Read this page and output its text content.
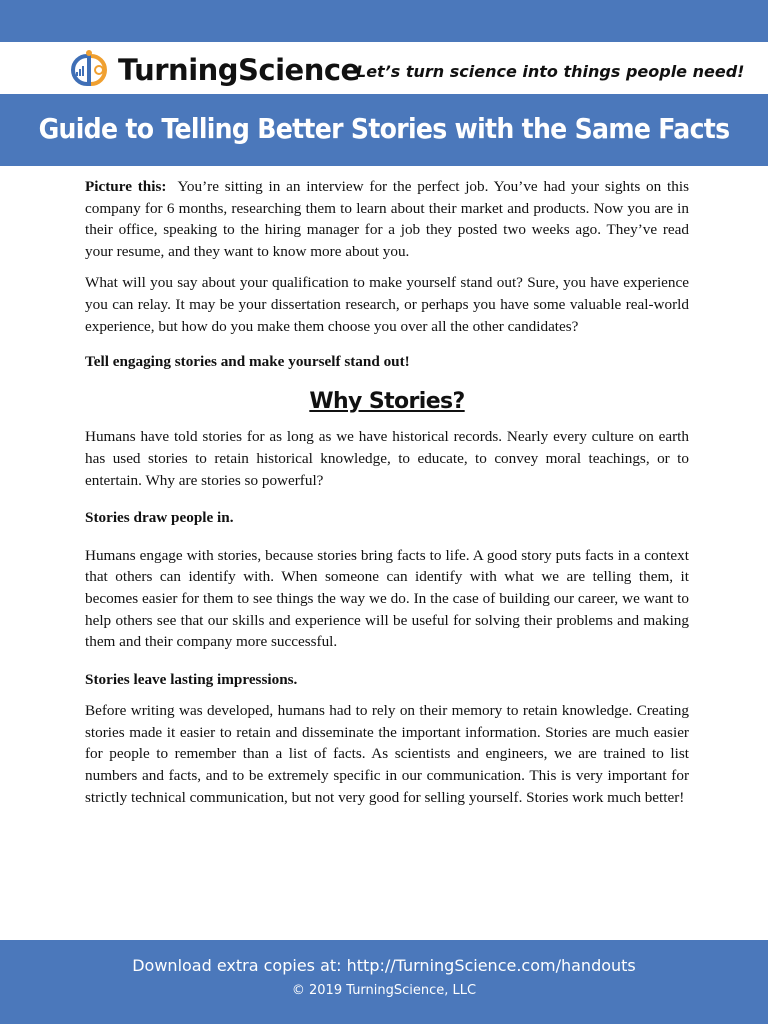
TurningScience
Let’s turn science into things people need!
Guide to Telling Better Stories with the Same Facts

Picture this: You’re sitting in an interview for the perfect job. You’ve had your sights on this company for 6 months, researching them to learn about their market and products. Now you are in their office, speaking to the hiring manager for a job they posted two weeks ago. They’ve read your resume, and they want to know more about you.

What will you say about your qualification to make yourself stand out? Sure, you have experience you can relay. It may be your dissertation research, or perhaps you have some valuable real-world experience, but how do you make them choose you over all the other candidates?

Tell engaging stories and make yourself stand out!

Why Stories?

Humans have told stories for as long as we have historical records. Nearly every culture on earth has used stories to retain historical knowledge, to educate, to convey moral teachings, or to entertain. Why are stories so powerful?

Stories draw people in.

Humans engage with stories, because stories bring facts to life. A good story puts facts in a context that others can identify with. When someone can identify with what we are telling them, it becomes easier for them to see things the way we do. In the case of building our career, we want to help others see that our skills and experience will be useful for solving their problems and making them and their company more successful.

Stories leave lasting impressions.

Before writing was developed, humans had to rely on their memory to retain knowledge. Creating stories made it easier to retain and disseminate the important information. Stories are much easier for people to remember than a list of facts. As scientists and engineers, we are trained to list numbers and facts, and to be extremely specific in our communication. This is very important for strictly technical communication, but not very good for selling yourself. Stories work much better!

Download extra copies at: http://TurningScience.com/handouts
© 2019 TurningScience, LLC
